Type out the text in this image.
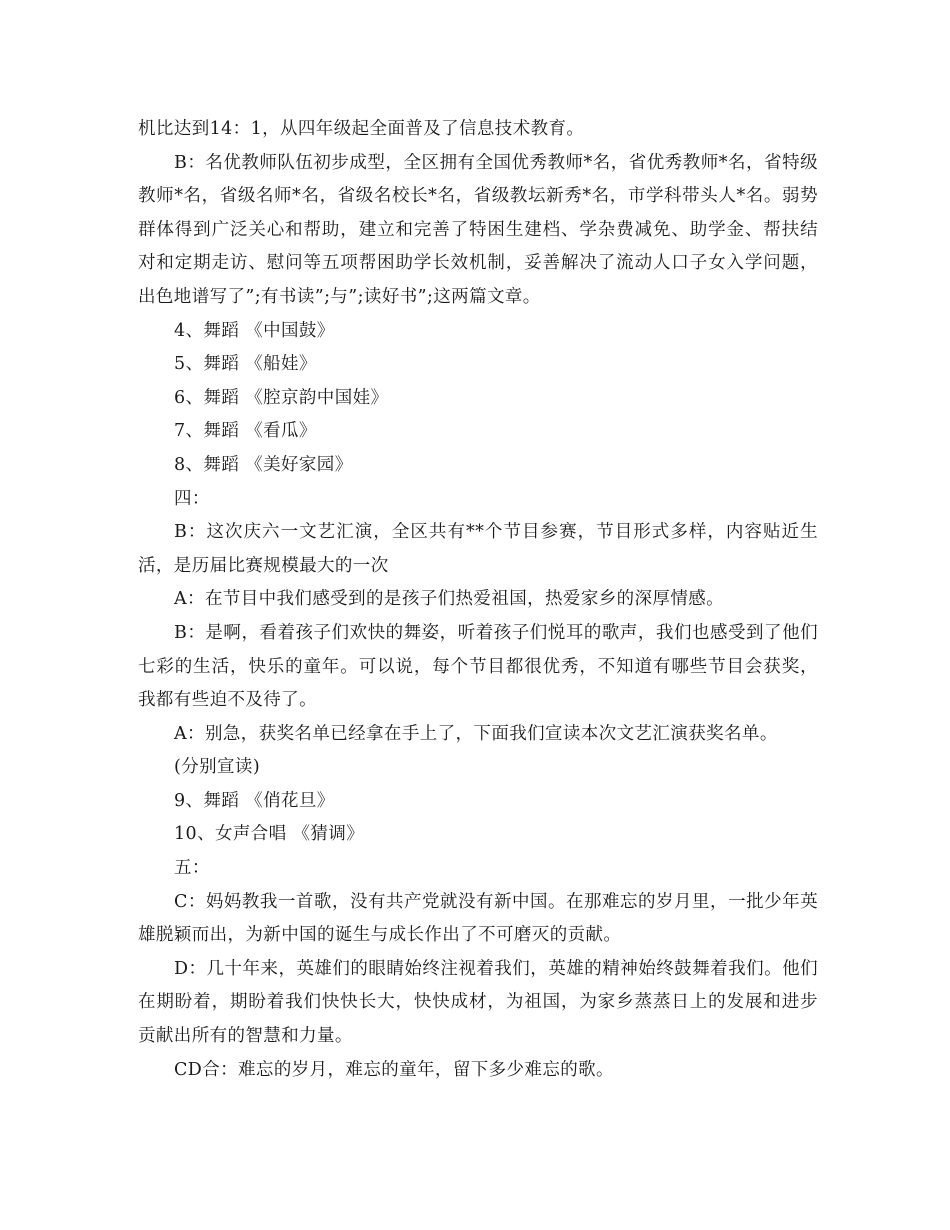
机比达到14：1，从四年级起全面普及了信息技术教育。

B：名优教师队伍初步成型，全区拥有全国优秀教师*名，省优秀教师*名，省特级教师*名，省级名师*名，省级名校长*名，省级教坛新秀*名，市学科带头人*名。弱势群体得到广泛关心和帮助，建立和完善了特困生建档、学杂费减免、助学金、帮扶结对和定期走访、慰问等五项帮困助学长效机制，妥善解决了流动人口子女入学问题，出色地谱写了”;有书读”;与”;读好书”;这两篇文章。

4、舞蹈 《中国鼓》

5、舞蹈 《船娃》

6、舞蹈 《腔京韵中国娃》

7、舞蹈 《看瓜》

8、舞蹈 《美好家园》

四：

B：这次庆六一文艺汇演，全区共有**个节目参赛，节目形式多样，内容贴近生活，是历届比赛规模最大的一次

A：在节目中我们感受到的是孩子们热爱祖国，热爱家乡的深厚情感。

B：是啊，看着孩子们欢快的舞姿，听着孩子们悦耳的歌声，我们也感受到了他们七彩的生活，快乐的童年。可以说，每个节目都很优秀，不知道有哪些节目会获奖，我都有些迫不及待了。

A：别急，获奖名单已经拿在手上了，下面我们宣读本次文艺汇演获奖名单。

(分别宣读)

9、舞蹈 《俏花旦》

10、女声合唱 《猜调》

五：

C：妈妈教我一首歌，没有共产党就没有新中国。在那难忘的岁月里，一批少年英雄脱颖而出，为新中国的诞生与成长作出了不可磨灭的贡献。

D：几十年来，英雄们的眼睛始终注视着我们，英雄的精神始终鼓舞着我们。他们在期盼着，期盼着我们快快长大，快快成材，为祖国，为家乡蒸蒸日上的发展和进步贡献出所有的智慧和力量。

CD合：难忘的岁月，难忘的童年，留下多少难忘的歌。
